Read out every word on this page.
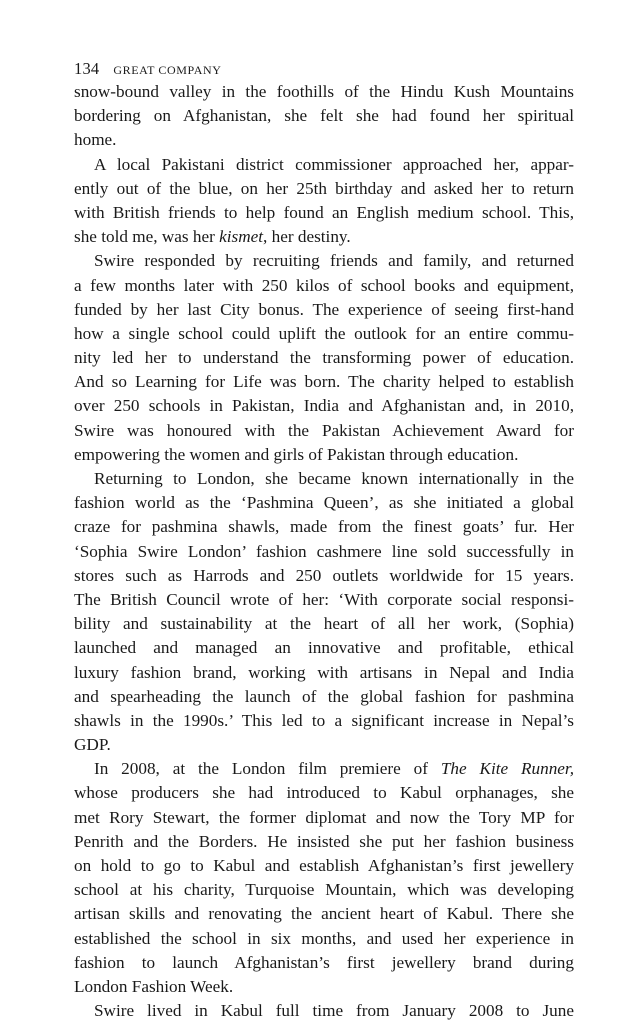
134 GREAT COMPANY
snow-bound valley in the foothills of the Hindu Kush Mountains
bordering on Afghanistan, she felt she had found her spiritual
home.
A local Pakistani district commissioner approached her, appar-
ently out of the blue, on her 25th birthday and asked her to return
with British friends to help found an English medium school. This,
she told me, was her kismet, her destiny.
Swire responded by recruiting friends and family, and returned
a few months later with 250 kilos of school books and equipment,
funded by her last City bonus. The experience of seeing first-hand
how a single school could uplift the outlook for an entire commu-
nity led her to understand the transforming power of education.
And so Learning for Life was born. The charity helped to establish
over 250 schools in Pakistan, India and Afghanistan and, in 2010,
Swire was honoured with the Pakistan Achievement Award for
empowering the women and girls of Pakistan through education.
Returning to London, she became known internationally in the
fashion world as the ‘Pashmina Queen’, as she initiated a global
craze for pashmina shawls, made from the finest goats’ fur. Her
‘Sophia Swire London’ fashion cashmere line sold successfully in
stores such as Harrods and 250 outlets worldwide for 15 years.
The British Council wrote of her: ‘With corporate social responsi-
bility and sustainability at the heart of all her work, (Sophia)
launched and managed an innovative and profitable, ethical
luxury fashion brand, working with artisans in Nepal and India
and spearheading the launch of the global fashion for pashmina
shawls in the 1990s.’ This led to a significant increase in Nepal’s
GDP.
In 2008, at the London film premiere of The Kite Runner,
whose producers she had introduced to Kabul orphanages, she
met Rory Stewart, the former diplomat and now the Tory MP for
Penrith and the Borders. He insisted she put her fashion business
on hold to go to Kabul and establish Afghanistan’s first jewellery
school at his charity, Turquoise Mountain, which was developing
artisan skills and renovating the ancient heart of Kabul. There she
established the school in six months, and used her experience in
fashion to launch Afghanistan’s first jewellery brand during
London Fashion Week.
Swire lived in Kabul full time from January 2008 to June
